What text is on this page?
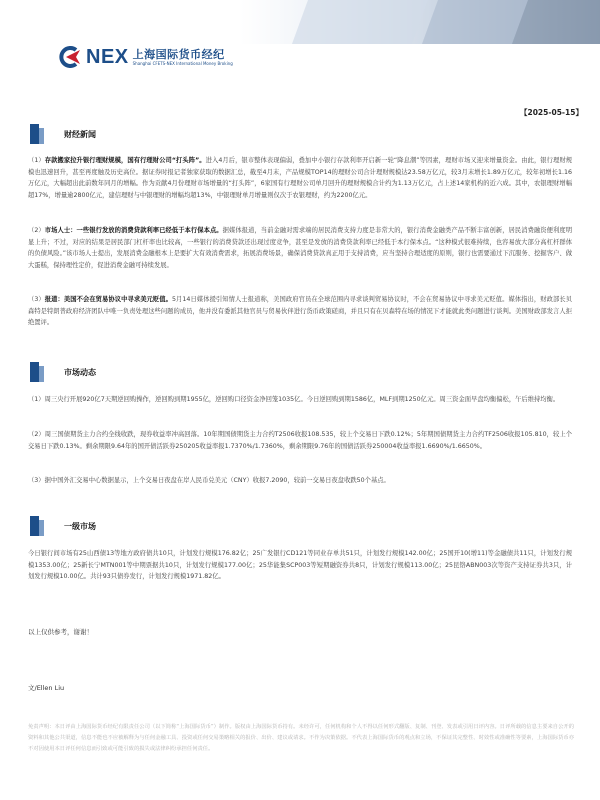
NEX 上海国际货币经纪
Shanghai CFETS-NEX International Money Broking
【2025-05-15】
财经新闻
（1）存款搬家拉升银行理财规模，国有行理财公司“打头阵”。进入4月后，银市整体表现偏弱，叠加中小银行存款利率开启新一轮“降息潮”等因素，理财市场又迎来增量资金。由此，银行理财规模也迅速回升，甚至再度触及历史高位。据证券时报记者独家获取的数据汇总，截至4月末，产品规模TOP14的理财公司合计理财规模达23.58万亿元，较3月末增长1.89万亿元，较年初增长1.16万亿元，大幅超出此前数年同月的增幅。作为贡献4月份理财市场增量的“打头阵”，6家国有行理财公司单月回升的理财规模合计约为1.13万亿元，占上述14家机构的近六成。其中，农银理财增幅超17%，增量逾2800亿元，建信理财与中银理财的增幅均超13%，中银理财单月增量则仅次于农银理财，约为2200亿元。
（2）市场人士：一些银行发放的消费贷款利率已经低于本行保本点。据媒体报道，当前金融对需求端的居民消费支持力度是非常大的，银行消费金融类产品不断丰富创新，居民消费融资便利度明显上升；不过，对应的结果是居民部门杠杆率也比较高，一些银行的消费贷款还出现过度竞争，甚至是发放的消费贷款利率已经低于本行保本点。“这种模式很难持续，也容易放大部分高杠杆群体的负债风险。”该市场人士提出，发展消费金融根本上是要扩大有效消费需求，拓展消费场景，确保消费贷款真正用于支持消费，应当坚持合理适度的原则，银行也需要通过下沉服务、挖掘客户、做大蛋糕，保持理性定价，促进消费金融可持续发展。
（3）报道：美国不会在贸易协议中寻求美元贬值。5月14日媒体援引知情人士报道称，美国政府官员在全球范围内寻求谈判贸易协议时，不会在贸易协议中寻求美元贬值。媒体指出，财政部长贝森特是特朗普政府经济团队中唯一负责处理这些问题的成员，他并没有委派其他官员与贸易伙伴进行货币政策磋商，并且只有在贝森特在场的情况下才能就此类问题进行谈判。美国财政部发言人拒绝置评。
市场动态
（1）周三央行开展920亿7天期逆回购操作，逆回购到期1955亿，逆回购口径资金净回笼1035亿。今日逆回购到期1586亿，MLF到期1250亿元。周三资金面早盘均衡偏松，午后维持均衡。
（2）周三国债期货主力合约全线收跌，现券收益率冲高回落。10年期国债期货主力合约T2506收报108.535，较上个交易日下跌0.12%；5年期国债期货主力合约TF2506收报105.810，较上个交易日下跌0.13%。剩余期限9.64年的国开债活跃券250205收益率报1.7370%/1.7360%，剩余期限9.76年的国债活跃券250004收益率报1.6690%/1.6650%。
（3）据中国外汇交易中心数据显示，上个交易日夜盘在岸人民币兑美元（CNY）收报7.2090，较前一交易日夜盘收跌50个基点。
一级市场
今日银行间市场有25山西债13等地方政府债共10只，计划发行规模176.82亿；25广发银行CD121等同业存单共51只，计划发行规模142.00亿；25国开10(增11)等金融债共11只，计划发行规模1353.00亿；25新长宁MTN001等中期票据共10只，计划发行规模177.00亿；25华能集SCP003等短期融资券共8只，计划发行规模113.00亿；25昆铬ABN003次等资产支持证券共3只，计划发行规模10.00亿。共计93只债券发行，计划发行规模1971.82亿。
以上仅供参考，谢谢！
文/Ellen Liu
免责声明：本日评由上海国际货币经纪有限责任公司（以下简称“上海国际货币”）制作。版权由上海国际货币持有。未经许可，任何机构和个人不得以任何形式翻版、复制、刊登、发表或引用日评内容。日评所载的信息主要来自公开的资料和其他公共渠道，信息不能也不应被解释为与任何金融工具、投资或任何交易策略相关的报价、出价、建议或请求。不作为决策依据。不代表上海国际货币的观点和立场，不保证其完整性、时效性或准确性等要素，上海国际货币亦不对因使用本日评任何信息而引致或可能引致的损失或法律纠纷承担任何责任。
